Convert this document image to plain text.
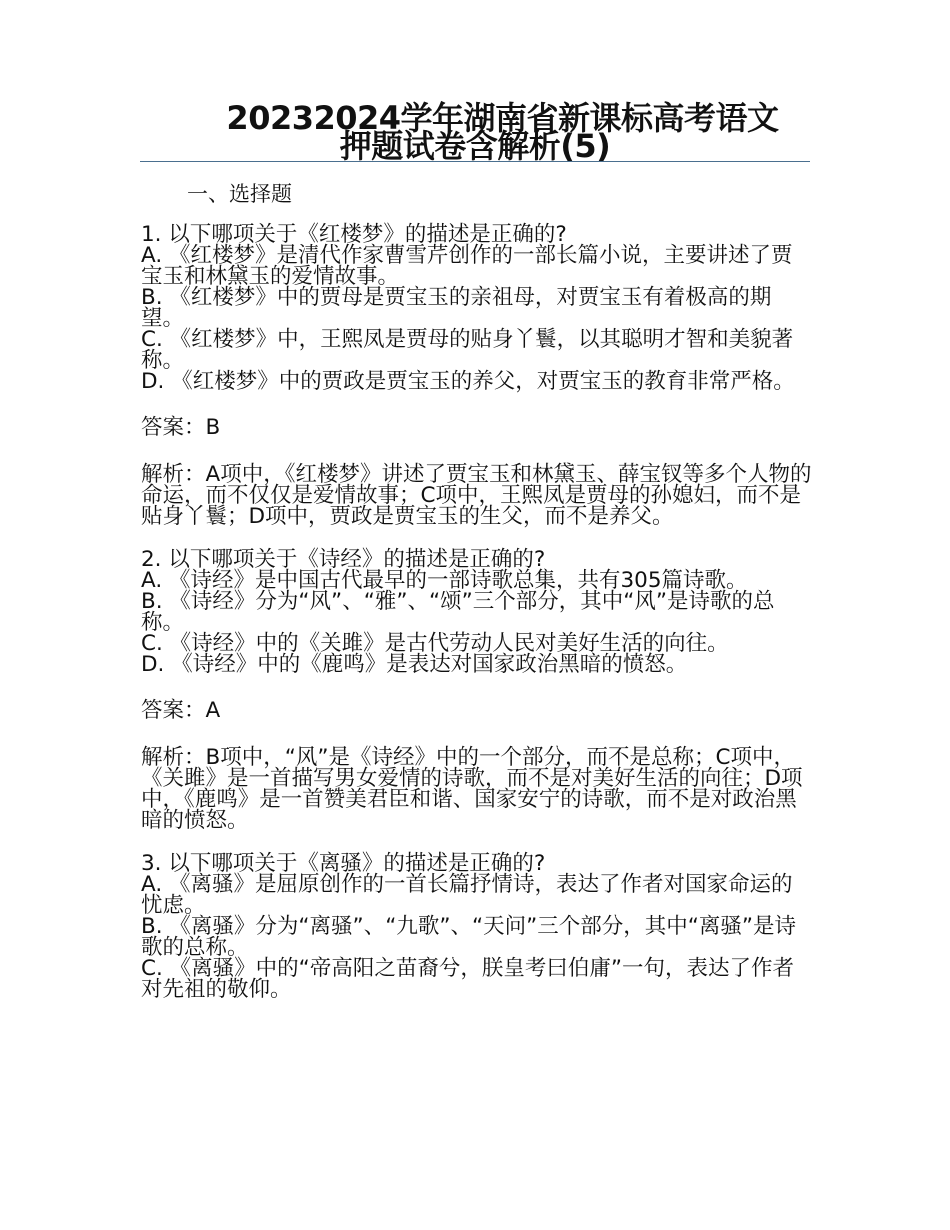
20232024学年湖南省新课标高考语文
押题试卷含解析(5)
一、选择题
1. 以下哪项关于《红楼梦》的描述是正确的?
A. 《红楼梦》是清代作家曹雪芹创作的一部长篇小说，主要讲述了贾宝玉和林黛玉的爱情故事。
B. 《红楼梦》中的贾母是贾宝玉的亲祖母，对贾宝玉有着极高的期望。
C. 《红楼梦》中，王熙凤是贾母的贴身丫鬟，以其聪明才智和美貌著称。
D. 《红楼梦》中的贾政是贾宝玉的养父，对贾宝玉的教育非常严格。
答案：B
解析：A项中，《红楼梦》讲述了贾宝玉和林黛玉、薛宝钗等多个人物的命运，而不仅仅是爱情故事；C项中，王熙凤是贾母的孙媳妇，而不是贴身丫鬟；D项中，贾政是贾宝玉的生父，而不是养父。
2. 以下哪项关于《诗经》的描述是正确的?
A. 《诗经》是中国古代最早的一部诗歌总集，共有305篇诗歌。
B. 《诗经》分为“风”、“雅”、“颂”三个部分，其中“风”是诗歌的总称。
C. 《诗经》中的《关雎》是古代劳动人民对美好生活的向往。
D. 《诗经》中的《鹿鸣》是表达对国家政治黑暗的愤怒。
答案：A
解析：B项中，“风”是《诗经》中的一个部分，而不是总称；C项中，《关雎》是一首描写男女爱情的诗歌，而不是对美好生活的向往；D项中，《鹿鸣》是一首赞美君臣和谐、国家安宁的诗歌，而不是对政治黑暗的愤怒。
3. 以下哪项关于《离骚》的描述是正确的?
A. 《离骚》是屈原创作的一首长篇抒情诗，表达了作者对国家命运的忧虑。
B. 《离骚》分为“离骚”、“九歌”、“天问”三个部分，其中“离骚”是诗歌的总称。
C. 《离骚》中的“帝高阳之苗裔兮，朕皇考曰伯庸”一句，表达了作者对先祖的敬仰。
